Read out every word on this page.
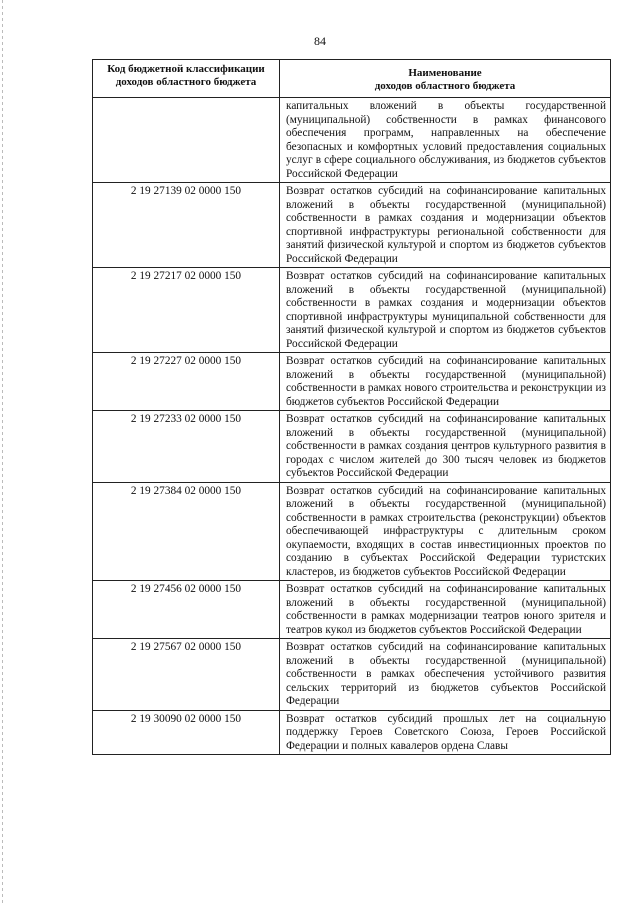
84
Код бюджетной классификации доходов областного бюджета	Наименование
доходов областного бюджета

	капитальных вложений в объекты государственной (муниципальной) собственности в рамках финансового обеспечения программ, направленных на обеспечение безопасных и комфортных условий предоставления социальных услуг в сфере социального обслуживания, из бюджетов субъектов Российской Федерации
2 19 27139 02 0000 150	Возврат остатков субсидий на софинансирование капитальных вложений в объекты государственной (муниципальной) собственности в рамках создания и модернизации объектов спортивной инфраструктуры региональной собственности для занятий физической культурой и спортом из бюджетов субъектов Российской Федерации
2 19 27217 02 0000 150	Возврат остатков субсидий на софинансирование капитальных вложений в объекты государственной (муниципальной) собственности в рамках создания и модернизации объектов спортивной инфраструктуры муниципальной собственности для занятий физической культурой и спортом из бюджетов субъектов Российской Федерации
2 19 27227 02 0000 150	Возврат остатков субсидий на софинансирование капитальных вложений в объекты государственной (муниципальной) собственности в рамках нового строительства и реконструкции из бюджетов субъектов Российской Федерации
2 19 27233 02 0000 150	Возврат остатков субсидий на софинансирование капитальных вложений в объекты государственной (муниципальной) собственности в рамках создания центров культурного развития в городах с числом жителей до 300 тысяч человек из бюджетов субъектов Российской Федерации
2 19 27384 02 0000 150	Возврат остатков субсидий на софинансирование капитальных вложений в объекты государственной (муниципальной) собственности в рамках строительства (реконструкции) объектов обеспечивающей инфраструктуры с длительным сроком окупаемости, входящих в состав инвестиционных проектов по созданию в субъектах Российской Федерации туристских кластеров, из бюджетов субъектов Российской Федерации
2 19 27456 02 0000 150	Возврат остатков субсидий на софинансирование капитальных вложений в объекты государственной (муниципальной) собственности в рамках модернизации театров юного зрителя и театров кукол из бюджетов субъектов Российской Федерации
2 19 27567 02 0000 150	Возврат остатков субсидий на софинансирование капитальных вложений в объекты государственной (муниципальной) собственности в рамках обеспечения устойчивого развития сельских территорий из бюджетов субъектов Российской Федерации
2 19 30090 02 0000 150	Возврат остатков субсидий прошлых лет на социальную поддержку Героев Советского Союза, Героев Российской Федерации и полных кавалеров ордена Славы
